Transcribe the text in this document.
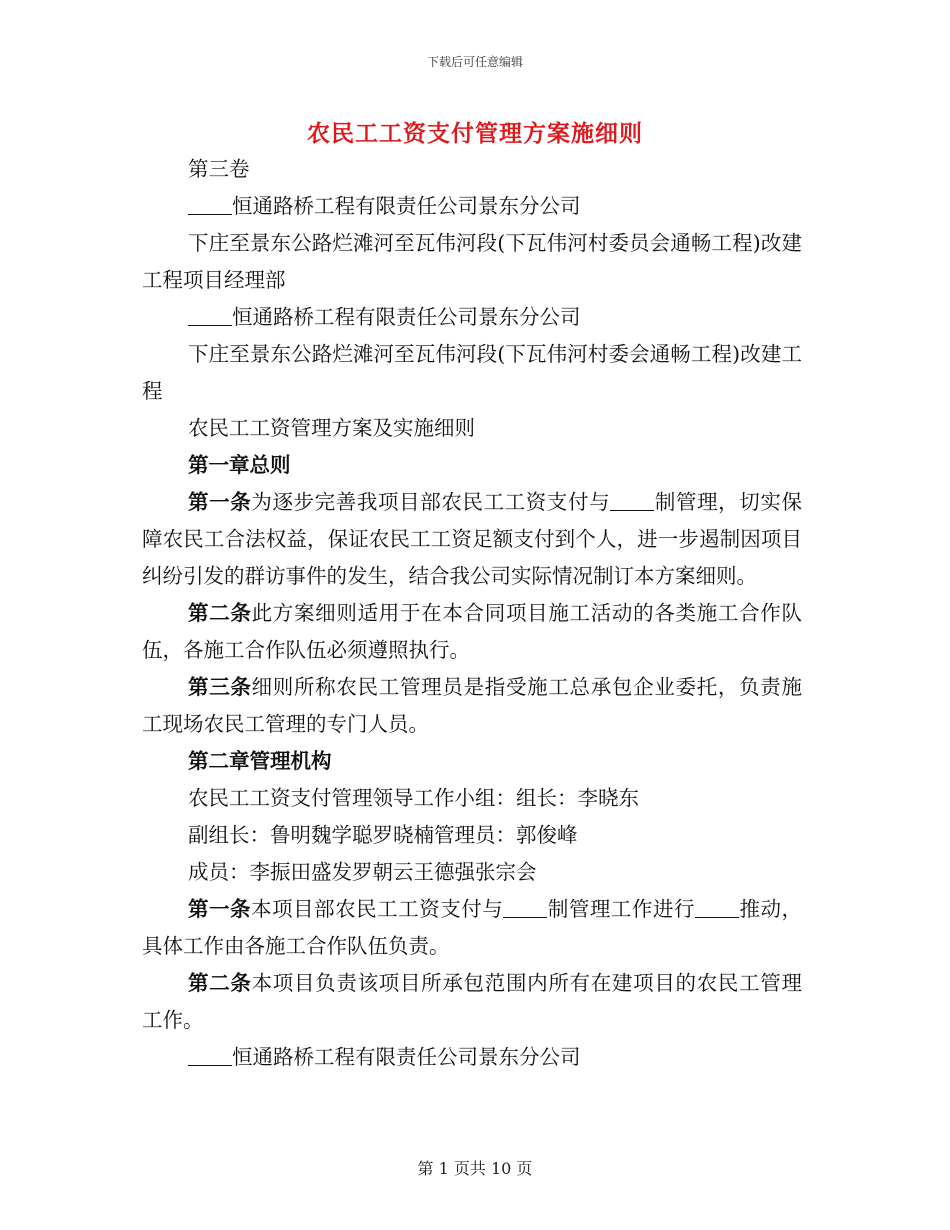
下载后可任意编辑
农民工工资支付管理方案施细则

第三卷

恒通路桥工程有限责任公司景东分公司

下庄至景东公路烂滩河至瓦伟河段(下瓦伟河村委员会通畅工程)改建工程项目经理部

恒通路桥工程有限责任公司景东分公司

下庄至景东公路烂滩河至瓦伟河段(下瓦伟河村委会通畅工程)改建工程

农民工工资管理方案及实施细则

第一章总则

第一条为逐步完善我项目部农民工工资支付与 制管理，切实保障农民工合法权益，保证农民工工资足额支付到个人，进一步遏制因项目纠纷引发的群访事件的发生，结合我公司实际情况制订本方案细则。

第二条此方案细则适用于在本合同项目施工活动的各类施工合作队伍，各施工合作队伍必须遵照执行。

第三条细则所称农民工管理员是指受施工总承包企业委托，负责施工现场农民工管理的专门人员。

第二章管理机构

农民工工资支付管理领导工作小组：组长：李晓东

副组长：鲁明魏学聪罗晓楠管理员：郭俊峰

成员：李振田盛发罗朝云王德强张宗会

第一条本项目部农民工工资支付与 制管理工作进行 推动，具体工作由各施工合作队伍负责。

第二条本项目负责该项目所承包范围内所有在建项目的农民工管理工作。

恒通路桥工程有限责任公司景东分公司

第 1 页共 10 页
